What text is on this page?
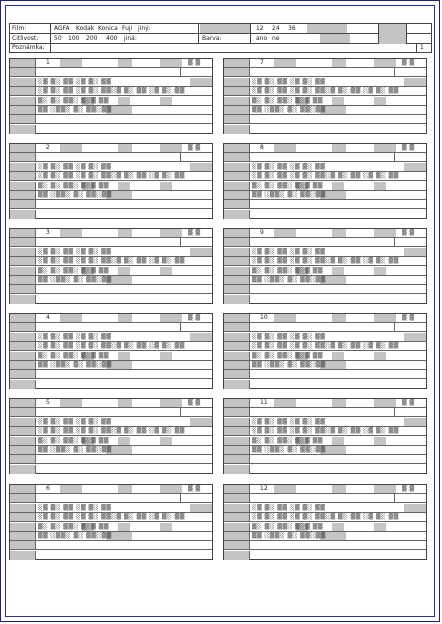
Film:	AGFA Kodak Konica Fuji jiný:	12 24 36
Citlivost:	50 100 200 400 jiná:	Barva:	ano ne
Poznámka:	1
1	▒ ▒
░▒ ▒░ ▒▒ ░▒ ▒░ ▒▒
░▒ ▒░ ▒▒ ░▒ ▒░ ▒▒░▒ ▒░ ▒▒ ░▒ ▒░ ▒▒
▒░ ▒░ ▒▒░ ▒░▒ ▒▒
▒▒ ░▒▒░ ▒░ ▒▒░▒▒
2	▒ ▒
░▒ ▒░ ▒▒ ░▒ ▒░ ▒▒
░▒ ▒░ ▒▒ ░▒ ▒░ ▒▒░▒ ▒░ ▒▒ ░▒ ▒░ ▒▒
▒░ ▒░ ▒▒░ ▒░▒ ▒▒
▒▒ ░▒▒░ ▒░ ▒▒░▒▒
3	▒ ▒
░▒ ▒░ ▒▒ ░▒ ▒░ ▒▒
░▒ ▒░ ▒▒ ░▒ ▒░ ▒▒░▒ ▒░ ▒▒ ░▒ ▒░ ▒▒
▒░ ▒░ ▒▒░ ▒░▒ ▒▒
▒▒ ░▒▒░ ▒░ ▒▒░▒▒
4	▒ ▒
░▒ ▒░ ▒▒ ░▒ ▒░ ▒▒
░▒ ▒░ ▒▒ ░▒ ▒░ ▒▒░▒ ▒░ ▒▒ ░▒ ▒░ ▒▒
▒░ ▒░ ▒▒░ ▒░▒ ▒▒
▒▒ ░▒▒░ ▒░ ▒▒░▒▒
5	▒ ▒
░▒ ▒░ ▒▒ ░▒ ▒░ ▒▒
░▒ ▒░ ▒▒ ░▒ ▒░ ▒▒░▒ ▒░ ▒▒ ░▒ ▒░ ▒▒
▒░ ▒░ ▒▒░ ▒░▒ ▒▒
▒▒ ░▒▒░ ▒░ ▒▒░▒▒
6	▒ ▒
░▒ ▒░ ▒▒ ░▒ ▒░ ▒▒
░▒ ▒░ ▒▒ ░▒ ▒░ ▒▒░▒ ▒░ ▒▒ ░▒ ▒░ ▒▒
▒░ ▒░ ▒▒░ ▒░▒ ▒▒
▒▒ ░▒▒░ ▒░ ▒▒░▒▒
7	▒ ▒
░▒ ▒░ ▒▒ ░▒ ▒░ ▒▒
░▒ ▒░ ▒▒ ░▒ ▒░ ▒▒░▒ ▒░ ▒▒ ░▒ ▒░ ▒▒
▒░ ▒░ ▒▒░ ▒░▒ ▒▒
▒▒ ░▒▒░ ▒░ ▒▒░▒▒
8	▒ ▒
░▒ ▒░ ▒▒ ░▒ ▒░ ▒▒
░▒ ▒░ ▒▒ ░▒ ▒░ ▒▒░▒ ▒░ ▒▒ ░▒ ▒░ ▒▒
▒░ ▒░ ▒▒░ ▒░▒ ▒▒
▒▒ ░▒▒░ ▒░ ▒▒░▒▒
9	▒ ▒
░▒ ▒░ ▒▒ ░▒ ▒░ ▒▒
░▒ ▒░ ▒▒ ░▒ ▒░ ▒▒░▒ ▒░ ▒▒ ░▒ ▒░ ▒▒
▒░ ▒░ ▒▒░ ▒░▒ ▒▒
▒▒ ░▒▒░ ▒░ ▒▒░▒▒
10	▒ ▒
░▒ ▒░ ▒▒ ░▒ ▒░ ▒▒
░▒ ▒░ ▒▒ ░▒ ▒░ ▒▒░▒ ▒░ ▒▒ ░▒ ▒░ ▒▒
▒░ ▒░ ▒▒░ ▒░▒ ▒▒
▒▒ ░▒▒░ ▒░ ▒▒░▒▒
11	▒ ▒
░▒ ▒░ ▒▒ ░▒ ▒░ ▒▒
░▒ ▒░ ▒▒ ░▒ ▒░ ▒▒░▒ ▒░ ▒▒ ░▒ ▒░ ▒▒
▒░ ▒░ ▒▒░ ▒░▒ ▒▒
▒▒ ░▒▒░ ▒░ ▒▒░▒▒
12	▒ ▒
░▒ ▒░ ▒▒ ░▒ ▒░ ▒▒
░▒ ▒░ ▒▒ ░▒ ▒░ ▒▒░▒ ▒░ ▒▒ ░▒ ▒░ ▒▒
▒░ ▒░ ▒▒░ ▒░▒ ▒▒
▒▒ ░▒▒░ ▒░ ▒▒░▒▒
